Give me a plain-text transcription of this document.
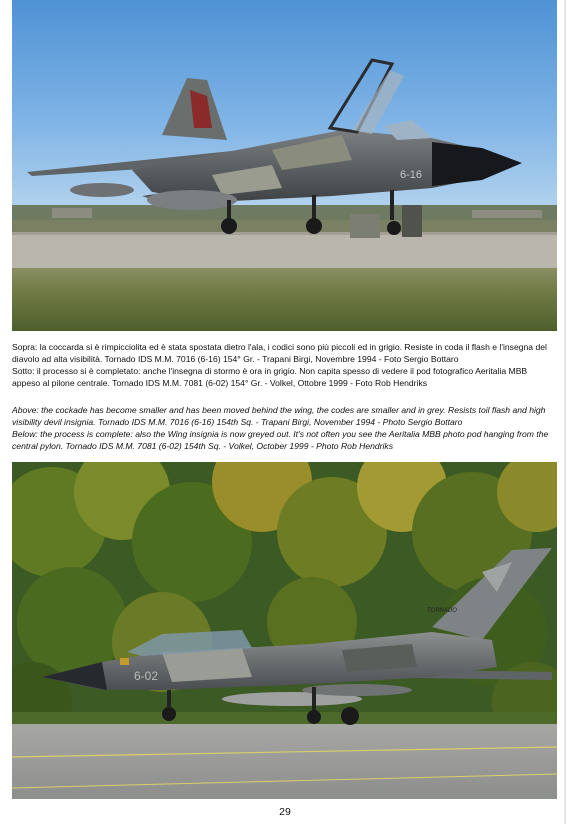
6-16

Sopra: la coccarda si è rimpicciolita ed è stata spostata dietro l'ala, i codici sono più piccoli ed in grigio. Resiste in coda il flash e l'insegna del diavolo ad alta visibilità. Tornado IDS M.M. 7016 (6-16) 154° Gr. - Trapani Birgi, Novembre 1994 - Foto Sergio Bottaro

Sotto: il processo si è completato: anche l'insegna di stormo è ora in grigio. Non capita spesso di vedere il pod fotografico Aeritalia MBB appeso al pilone centrale. Tornado IDS M.M. 7081 (6-02) 154° Gr. - Volkel, Ottobre 1999 - Foto Rob Hendriks

Above: the cockade has become smaller and has been moved behind the wing, the codes are smaller and in grey. Resists toil flash and high visibility devil insignia. Tornado IDS M.M. 7016 (6-16) 154th Sq. - Trapani Birgi, November 1994 - Photo Sergio Bottaro

Below: the process is complete: also the Wing insignia is now greyed out. It's not often you see the Aeritalia MBB photo pod hanging from the central pylon. Tornado IDS M.M. 7081 (6-02) 154th Sq. - Volkel, October 1999 - Photo Rob Hendriks

TORNADO
6-02
29
